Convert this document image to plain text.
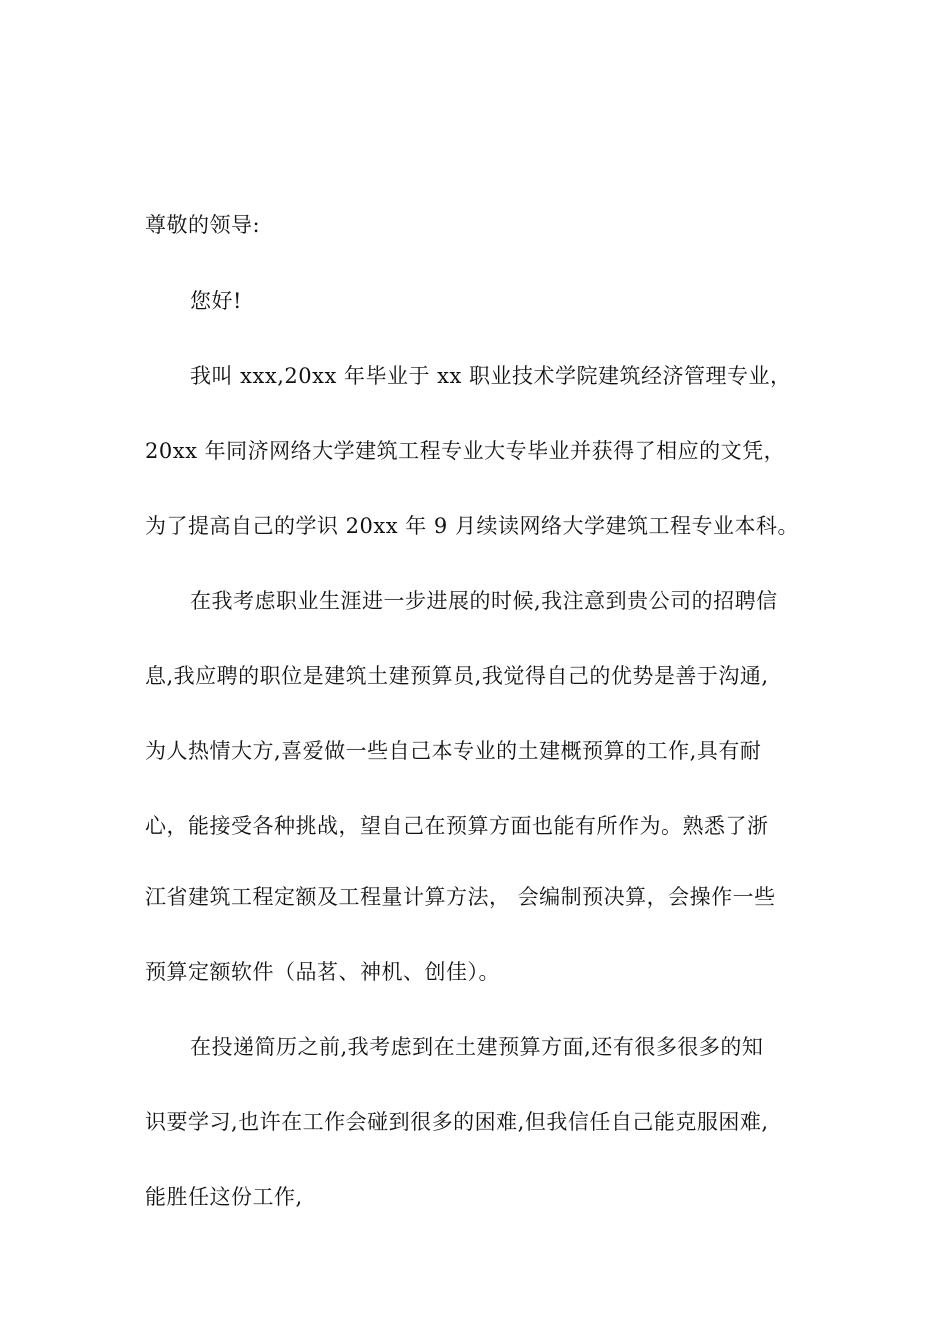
尊敬的领导:
您好!
我叫 xxx,20xx 年毕业于 xx 职业技术学院建筑经济管理专业，
20xx 年同济网络大学建筑工程专业大专毕业并获得了相应的文凭，
为了提高自己的学识 20xx 年 9 月续读网络大学建筑工程专业本科。
在我考虑职业生涯进一步进展的时候,我注意到贵公司的招聘信
息,我应聘的职位是建筑土建预算员,我觉得自己的优势是善于沟通,
为人热情大方,喜爱做一些自己本专业的土建概预算的工作,具有耐
心，能接受各种挑战，望自己在预算方面也能有所作为。熟悉了浙
江省建筑工程定额及工程量计算方法， 会编制预决算，会操作一些
预算定额软件（品茗、神机、创佳）。
在投递简历之前,我考虑到在土建预算方面,还有很多很多的知
识要学习,也许在工作会碰到很多的困难,但我信任自己能克服困难,
能胜任这份工作,
